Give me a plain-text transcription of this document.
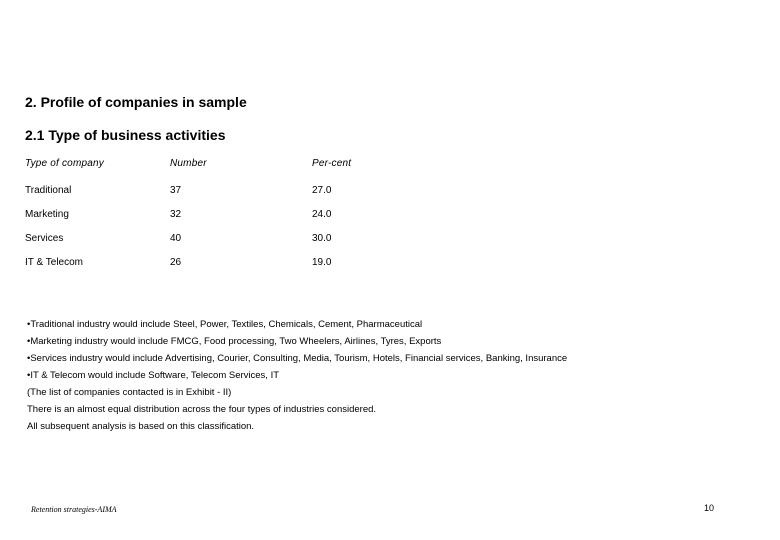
2. Profile of companies in sample
2.1 Type of business activities
Type of company	Number	Per-cent
Traditional	37	27.0
Marketing	32	24.0
Services	40	30.0
IT & Telecom	26	19.0
•Traditional industry would include Steel, Power, Textiles, Chemicals, Cement, Pharmaceutical
•Marketing industry would include FMCG, Food processing, Two Wheelers, Airlines, Tyres, Exports
•Services industry would include Advertising, Courier, Consulting, Media, Tourism, Hotels, Financial services, Banking, Insurance
•IT & Telecom would include Software, Telecom Services, IT
(The list of companies contacted is in Exhibit - II)
There is an almost equal distribution across the four types of industries considered.
All subsequent analysis is based on this classification.
Retention strategies-AIMA	10
